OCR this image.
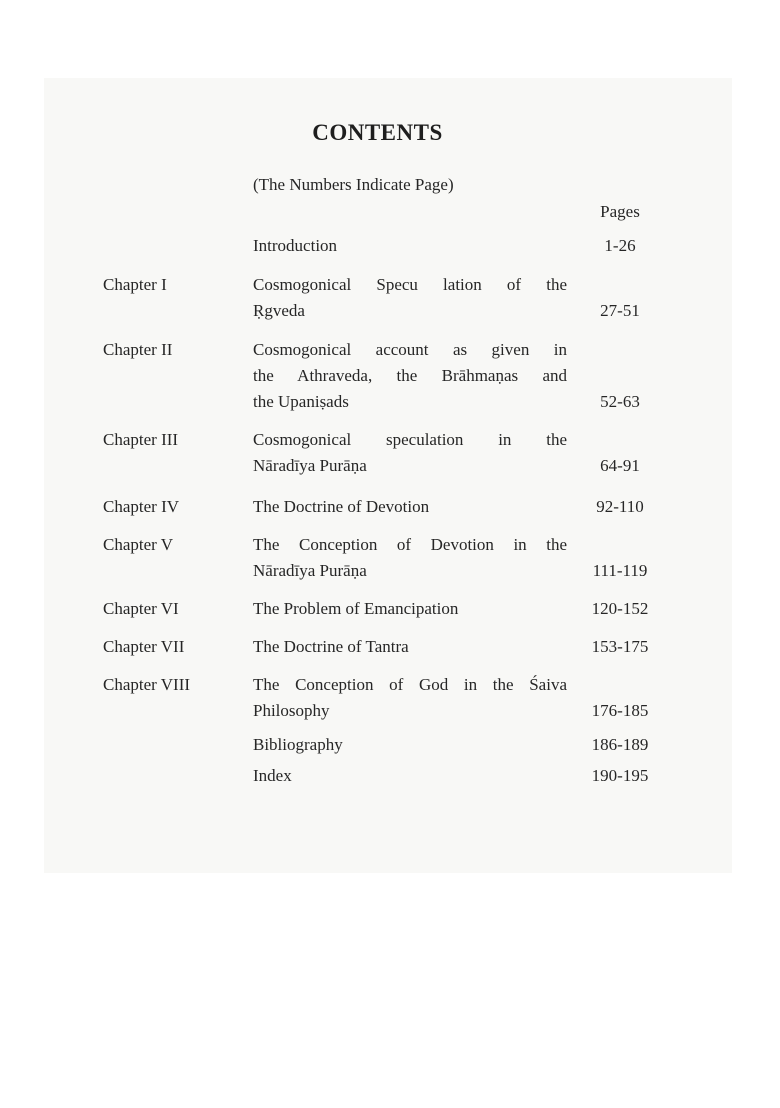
CONTENTS
(The Numbers Indicate Page)
Pages
Introduction	1-26
Chapter I	Cosmogonical Specu lation of the
Ṛgveda	27-51
Chapter II	Cosmogonical account as given in
the Athraveda, the Brāhmaṇas and
the Upaniṣads	52-63
Chapter III	Cosmogonical speculation in the
Nāradīya Purāṇa	64-91
Chapter IV	The Doctrine of Devotion	92-110
Chapter V	The Conception of Devotion in the
Nāradīya Purāṇa	111-119
Chapter VI	The Problem of Emancipation	120-152
Chapter VII	The Doctrine of Tantra	153-175
Chapter VIII	The Conception of God in the Śaiva
Philosophy	176-185
Bibliography	186-189
Index	190-195
